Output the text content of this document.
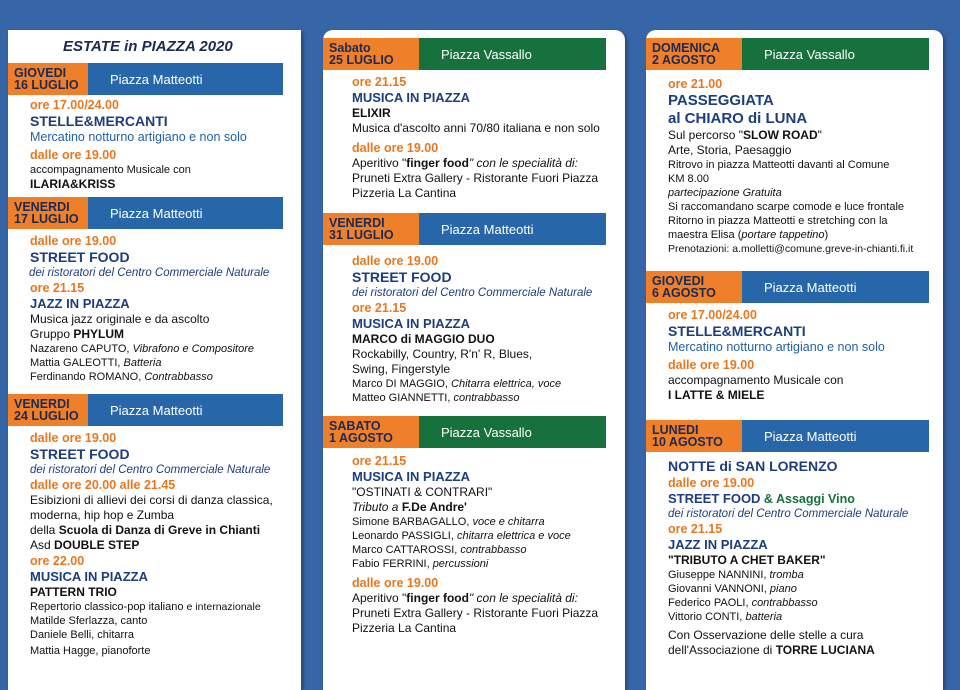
ESTATE in PIAZZA 2020
GIOVEDI
16 LUGLIO	Piazza Matteotti
ore 17.00/24.00
STELLE&MERCANTI
Mercatino notturno artigiano e non solo
dalle ore 19.00
accompagnamento Musicale con
ILARIA&KRISS
VENERDI
17 LUGLIO	Piazza Matteotti
dalle ore 19.00
STREET FOOD
dei ristoratori del Centro Commerciale Naturale
ore 21.15
JAZZ IN PIAZZA
Musica jazz originale e da ascolto
Gruppo PHYLUM
Nazareno CAPUTO, Vibrafono e Compositore
Mattia GALEOTTI, Batteria
Ferdinando ROMANO, Contrabbasso
VENERDI
24 LUGLIO	Piazza Matteotti
dalle ore 19.00
STREET FOOD
dei ristoratori del Centro Commerciale Naturale
dalle ore 20.00 alle 21.45
Esibizioni di allievi dei corsi di danza classica,
moderna, hip hop e Zumba
della Scuola di Danza di Greve in Chianti
Asd DOUBLE STEP
ore 22.00
MUSICA IN PIAZZA
PATTERN TRIO
Repertorio classico-pop italiano e internazionale
Matilde Sferlazza, canto
Daniele Belli, chitarra
Mattia Hagge, pianoforte
Sabato
25 LUGLIO	Piazza Vassallo
ore 21.15
MUSICA IN PIAZZA
ELIXIR
Musica d'ascolto anni 70/80 italiana e non solo
dalle ore 19.00
Aperitivo "finger food" con le specialità di:
Pruneti Extra Gallery - Ristorante Fuori Piazza
Pizzeria La Cantina
VENERDI
31 LUGLIO	Piazza Matteotti
dalle ore 19.00
STREET FOOD
dei ristoratori del Centro Commerciale Naturale
ore 21.15
MUSICA IN PIAZZA
MARCO di MAGGIO DUO
Rockabilly, Country, R'n' R, Blues,
Swing, Fingerstyle
Marco DI MAGGIO, Chitarra elettrica, voce
Matteo GIANNETTI, contrabbasso
SABATO
1 AGOSTO	Piazza Vassallo
ore 21.15
MUSICA IN PIAZZA
"OSTINATI & CONTRARI"
Tributo a F.De Andre'
Simone BARBAGALLO, voce e chitarra
Leonardo PASSIGLI, chitarra elettrica e voce
Marco CATTAROSSI, contrabbasso
Fabio FERRINI, percussioni
dalle ore 19.00
Aperitivo "finger food" con le specialità di:
Pruneti Extra Gallery - Ristorante Fuori Piazza
Pizzeria La Cantina
DOMENICA
2 AGOSTO	Piazza Vassallo
ore 21.00
PASSEGGIATA
al CHIARO di LUNA
Sul percorso "SLOW ROAD"
Arte, Storia, Paesaggio
Ritrovo in piazza Matteotti davanti al Comune
KM 8.00
partecipazione Gratuita
Si raccomandano scarpe comode e luce frontale
Ritorno in piazza Matteotti e stretching con la
maestra Elisa (portare tappetino)
Prenotazioni: a.molletti@comune.greve-in-chianti.fi.it
GIOVEDI
6 AGOSTO	Piazza Matteotti
ore 17.00/24.00
STELLE&MERCANTI
Mercatino notturno artigiano e non solo
dalle ore 19.00
accompagnamento Musicale con
I LATTE & MIELE
LUNEDI
10 AGOSTO	Piazza Matteotti
NOTTE di SAN LORENZO
dalle ore 19.00
STREET FOOD & Assaggi Vino
dei ristoratori del Centro Commerciale Naturale
ore 21.15
JAZZ IN PIAZZA
"TRIBUTO A CHET BAKER"
Giuseppe NANNINI, tromba
Giovanni VANNONI, piano
Federico PAOLI, contrabbasso
Vittorio CONTI, batteria
Con Osservazione delle stelle a cura
dell'Associazione di TORRE LUCIANA
